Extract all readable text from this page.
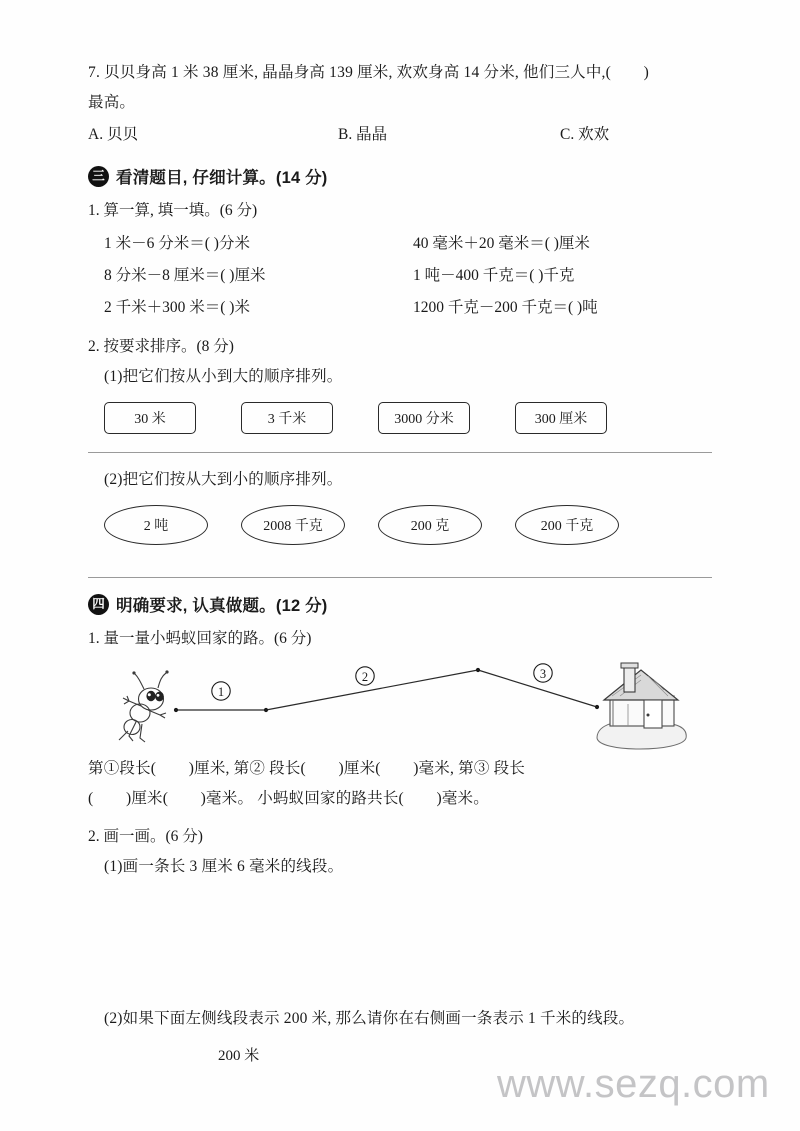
7. 贝贝身高 1 米 38 厘米, 晶晶身高 139 厘米, 欢欢身高 14 分米, 他们三人中,(        )
最高。
A. 贝贝	B. 晶晶	C. 欢欢
三 看清题目, 仔细计算。(14 分)
1. 算一算, 填一填。(6 分)
1 米－6 分米＝( )分米	40 毫米＋20 毫米＝( )厘米
8 分米－8 厘米＝( )厘米	1 吨－400 千克＝( )千克
2 千米＋300 米＝( )米	1200 千克－200 千克＝( )吨
2. 按要求排序。(8 分)
(1)把它们按从小到大的顺序排列。
30 米	3 千米	3000 分米	300 厘米
(2)把它们按从大到小的顺序排列。
2 吨	2008 千克	200 克	200 千克
四 明确要求, 认真做题。(12 分)
1. 量一量小蚂蚁回家的路。(6 分)
1
2	3
第①段长(        )厘米, 第② 段长(        )厘米(        )毫米, 第③ 段长
(        )厘米(        )毫米。 小蚂蚁回家的路共长(        )毫米。
2. 画一画。(6 分)
(1)画一条长 3 厘米 6 毫米的线段。
(2)如果下面左侧线段表示 200 米, 那么请你在右侧画一条表示 1 千米的线段。
200 米
www.sezq.com
